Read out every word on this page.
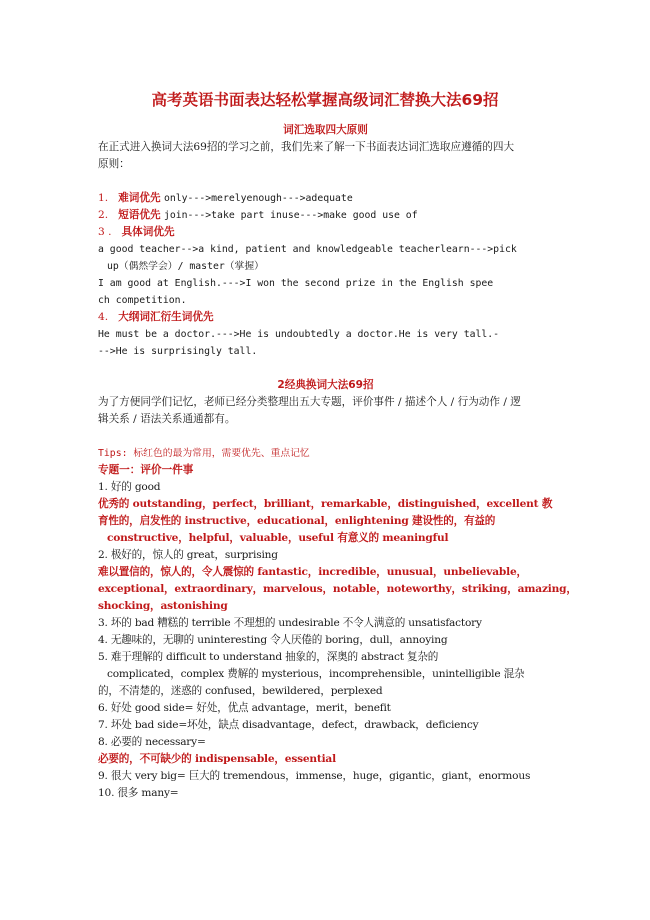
高考英语书面表达轻松掌握高级词汇替换大法69招
词汇选取四大原则
在正式进入换词大法69招的学习之前，我们先来了解一下书面表达词汇选取应遵循的四大
原则：
1. 难词优先 only--->merelyenough--->adequate
2. 短语优先 join--->take part inuse--->make good use of
3 . 具体词优先
a good teacher-->a kind, patient and knowledgeable teacherlearn--->pick
up（偶然学会）/ master（掌握）
I am good at English.--->I won the second prize in the English spee
ch competition.
4. 大纲词汇衍生词优先
He must be a doctor.--->He is undoubtedly a doctor.He is very tall.-
-->He is surprisingly tall.
2经典换词大法69招
为了方便同学们记忆，老师已经分类整理出五大专题，评价事件 / 描述个人 / 行为动作 / 逻
辑关系 / 语法关系通通都有。
Tips: 标红色的最为常用，需要优先、重点记忆
专题一：评价一件事
1. 好的 good
优秀的 outstanding，perfect，brilliant，remarkable，distinguished，excellent 教
育性的，启发性的 instructive，educational，enlightening 建设性的，有益的
constructive，helpful，valuable，useful 有意义的 meaningful
2. 极好的，惊人的 great，surprising
难以置信的，惊人的，令人震惊的 fantastic，incredible，unusual，unbelievable，
exceptional，extraordinary，marvelous，notable，noteworthy，striking，amazing，
shocking，astonishing
3. 坏的 bad 糟糕的 terrible 不理想的 undesirable 不令人满意的 unsatisfactory
4. 无趣味的，无聊的 uninteresting 令人厌倦的 boring，dull，annoying
5. 难于理解的 difficult to understand 抽象的，深奥的 abstract 复杂的
complicated，complex 费解的 mysterious，incomprehensible，unintelligible 混杂
的，不清楚的，迷惑的 confused，bewildered，perplexed
6. 好处 good side= 好处，优点 advantage，merit，benefit
7. 坏处 bad side=坏处，缺点 disadvantage，defect，drawback，deficiency
8. 必要的 necessary=
必要的，不可缺少的 indispensable，essential
9. 很大 very big= 巨大的 tremendous，immense，huge，gigantic，giant，enormous
10. 很多 many=
